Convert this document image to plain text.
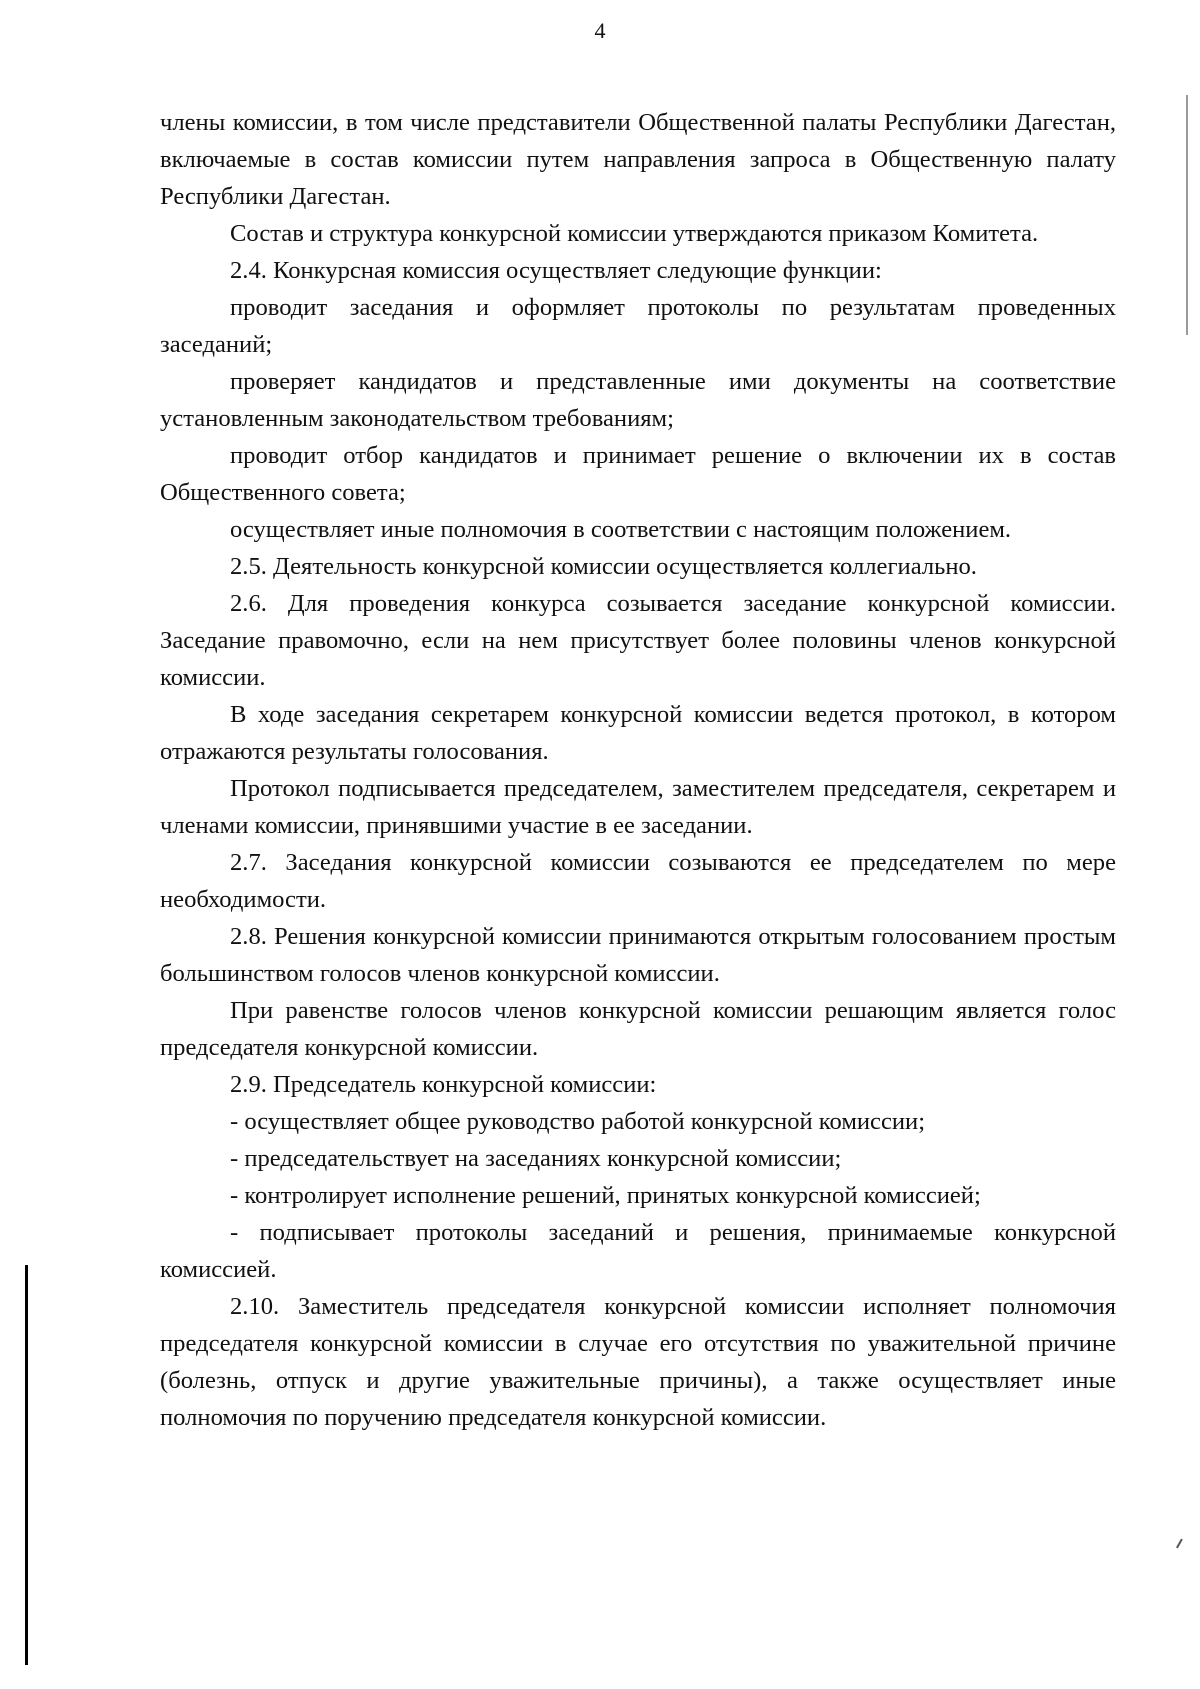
4

члены комиссии, в том числе представители Общественной палаты Республики Дагестан, включаемые в состав комиссии путем направления запроса в Общественную палату Республики Дагестан.

Состав и структура конкурсной комиссии утверждаются приказом Комитета.

2.4. Конкурсная комиссия осуществляет следующие функции:

проводит заседания и оформляет протоколы по результатам проведенных заседаний;

проверяет кандидатов и представленные ими документы на соответствие установленным законодательством требованиям;

проводит отбор кандидатов и принимает решение о включении их в состав Общественного совета;

осуществляет иные полномочия в соответствии с настоящим положением.

2.5. Деятельность конкурсной комиссии осуществляется коллегиально.

2.6. Для проведения конкурса созывается заседание конкурсной комиссии. Заседание правомочно, если на нем присутствует более половины членов конкурсной комиссии.

В ходе заседания секретарем конкурсной комиссии ведется протокол, в котором отражаются результаты голосования.

Протокол подписывается председателем, заместителем председателя, секретарем и членами комиссии, принявшими участие в ее заседании.

2.7. Заседания конкурсной комиссии созываются ее председателем по мере необходимости.

2.8. Решения конкурсной комиссии принимаются открытым голосованием простым большинством голосов членов конкурсной комиссии.

При равенстве голосов членов конкурсной комиссии решающим является голос председателя конкурсной комиссии.

2.9. Председатель конкурсной комиссии:

- осуществляет общее руководство работой конкурсной комиссии;

- председательствует на заседаниях конкурсной комиссии;

- контролирует исполнение решений, принятых конкурсной комиссией;

- подписывает протоколы заседаний и решения, принимаемые конкурсной комиссией.

2.10. Заместитель председателя конкурсной комиссии исполняет полномочия председателя конкурсной комиссии в случае его отсутствия по уважительной причине (болезнь, отпуск и другие уважительные причины), а также осуществляет иные полномочия по поручению председателя конкурсной комиссии.
